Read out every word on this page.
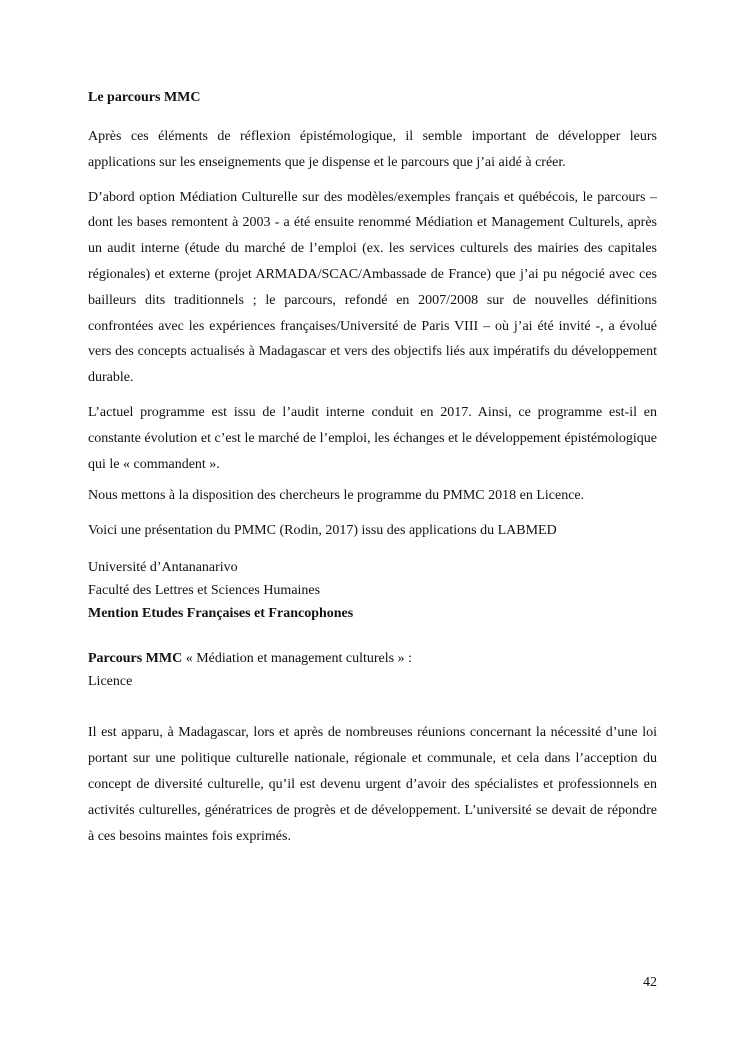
Le parcours MMC

Après ces éléments de réflexion épistémologique, il semble important de développer leurs applications sur les enseignements que je dispense et le parcours que j’ai aidé à créer.

D’abord option Médiation Culturelle sur des modèles/exemples français et québécois, le parcours – dont les bases remontent à 2003 - a été ensuite renommé Médiation et Management Culturels, après un audit interne (étude du marché de l’emploi (ex. les services culturels des mairies des capitales régionales) et externe (projet ARMADA/SCAC/Ambassade de France) que j’ai pu négocié avec ces bailleurs dits traditionnels ; le parcours, refondé en 2007/2008 sur de nouvelles définitions confrontées avec les expériences françaises/Université de Paris VIII – où j’ai été invité -, a évolué vers des concepts actualisés à Madagascar et vers des objectifs liés aux impératifs du développement durable.

L’actuel programme est issu de l’audit interne conduit en 2017. Ainsi, ce programme est-il en constante évolution et c’est le marché de l’emploi, les échanges et le développement épistémologique qui le « commandent ».

Nous mettons à la disposition des chercheurs le programme du PMMC 2018 en Licence.

Voici une présentation du PMMC (Rodin, 2017) issu des applications du LABMED

Université d’Antananarivo
Faculté des Lettres et Sciences Humaines
Mention Etudes Françaises et Francophones
Parcours MMC « Médiation et management culturels » :
Licence

Il est apparu, à Madagascar, lors et après de nombreuses réunions concernant la nécessité d’une loi portant sur une politique culturelle nationale, régionale et communale, et cela dans l’acception du concept de diversité culturelle, qu’il est devenu urgent d’avoir des spécialistes et professionnels en activités culturelles, génératrices de progrès et de développement. L’université se devait de répondre à ces besoins maintes fois exprimés.

42
